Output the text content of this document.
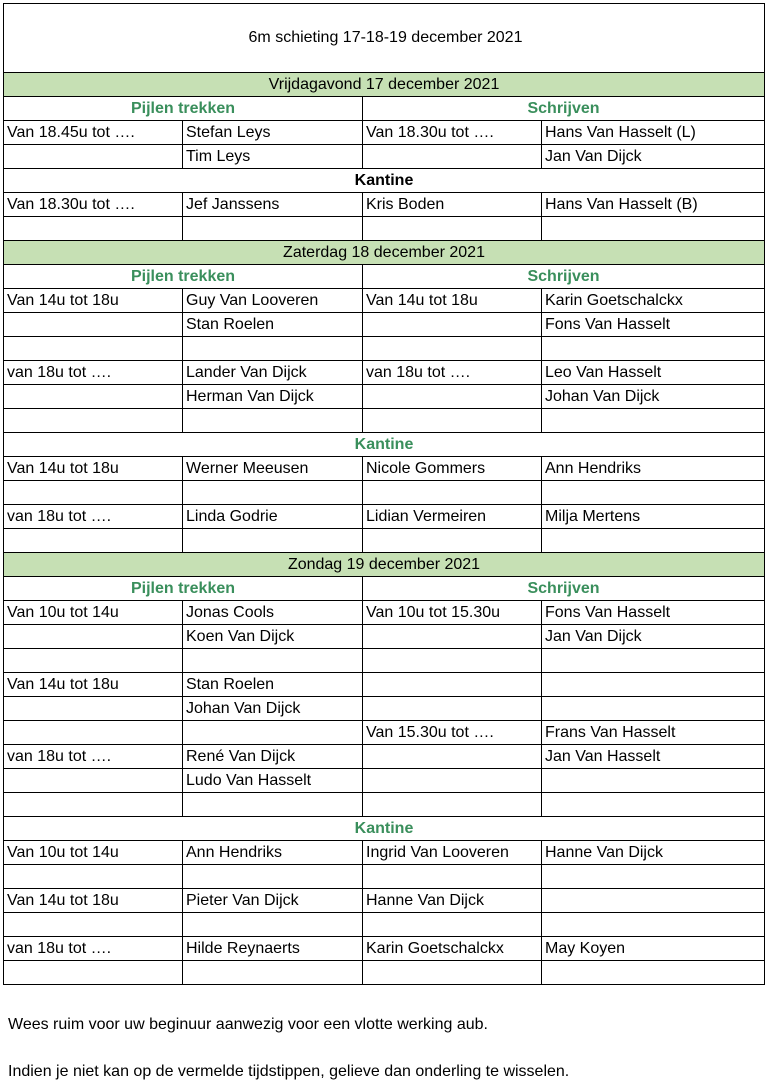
6m schieting 17-18-19 december 2021			
Vrijdagavond 17 december 2021			
Pijlen trekken		Schrijven	
Van 18.45u tot ….	Stefan Leys	Van 18.30u tot ….	Hans Van Hasselt (L)
	Tim Leys		Jan Van Dijck
Kantine			
Van 18.30u tot ….	Jef Janssens	Kris Boden	Hans Van Hasselt (B)

Zaterdag 18 december 2021			
Pijlen trekken		Schrijven	
Van 14u tot 18u	Guy Van Looveren	Van 14u tot 18u	Karin Goetschalckx
	Stan Roelen		Fons Van Hasselt

van 18u tot ….	Lander Van Dijck	van 18u tot ….	Leo Van Hasselt
	Herman Van Dijck		Johan Van Dijck

Kantine			
Van 14u tot 18u	Werner Meeusen	Nicole Gommers	Ann Hendriks

van 18u tot ….	Linda Godrie	Lidian Vermeiren	Milja Mertens

Zondag 19 december 2021			
Pijlen trekken		Schrijven	
Van 10u tot 14u	Jonas Cools	Van 10u tot 15.30u	Fons Van Hasselt
	Koen Van Dijck		Jan Van Dijck

Van 14u tot 18u	Stan Roelen		
	Johan Van Dijck		
		Van 15.30u tot ….	Frans Van Hasselt
van 18u tot ….	René Van Dijck		Jan Van Hasselt
	Ludo Van Hasselt		

Kantine			
Van 10u tot 14u	Ann Hendriks	Ingrid Van Looveren	Hanne Van Dijck

Van 14u tot 18u	Pieter Van Dijck	Hanne Van Dijck	

van 18u tot ….	Hilde Reynaerts	Karin Goetschalckx	May Koyen

Wees ruim voor uw beginuur aanwezig voor een vlotte werking aub.
Indien je niet kan op de vermelde tijdstippen, gelieve dan onderling te wisselen.
